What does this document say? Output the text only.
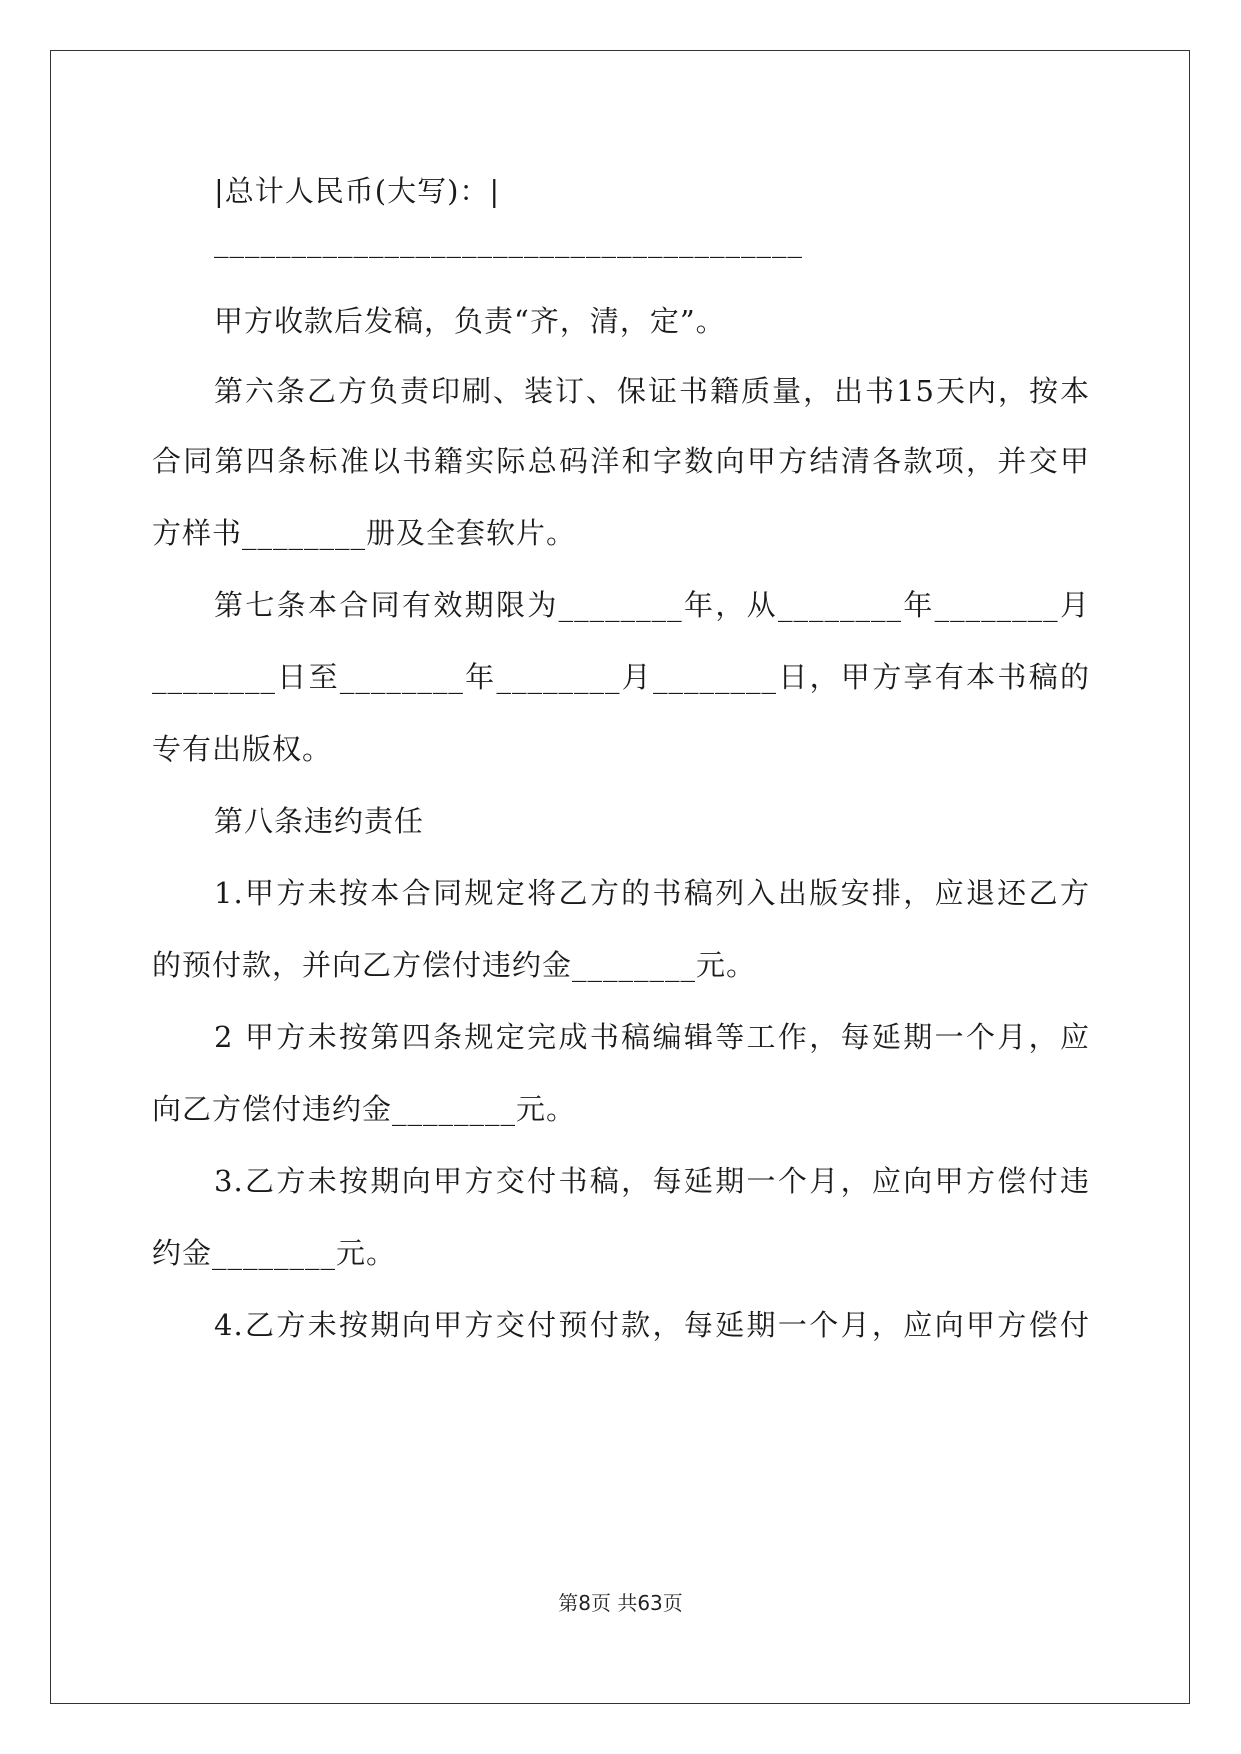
|总计人民币(大写)：|
______________________________________
甲方收款后发稿，负责“齐，清，定”。
第六条乙方负责印刷、装订、保证书籍质量，出书15天内，按本
合同第四条标准以书籍实际总码洋和字数向甲方结清各款项，并交甲
方样书________册及全套软片。
第七条本合同有效期限为________年，从________年________月
________日至________年________月________日，甲方享有本书稿的
专有出版权。
第八条违约责任
1.甲方未按本合同规定将乙方的书稿列入出版安排，应退还乙方
的预付款，并向乙方偿付违约金________元。
2 甲方未按第四条规定完成书稿编辑等工作，每延期一个月，应
向乙方偿付违约金________元。
3.乙方未按期向甲方交付书稿，每延期一个月，应向甲方偿付违
约金________元。
4.乙方未按期向甲方交付预付款，每延期一个月，应向甲方偿付
第8页 共63页
